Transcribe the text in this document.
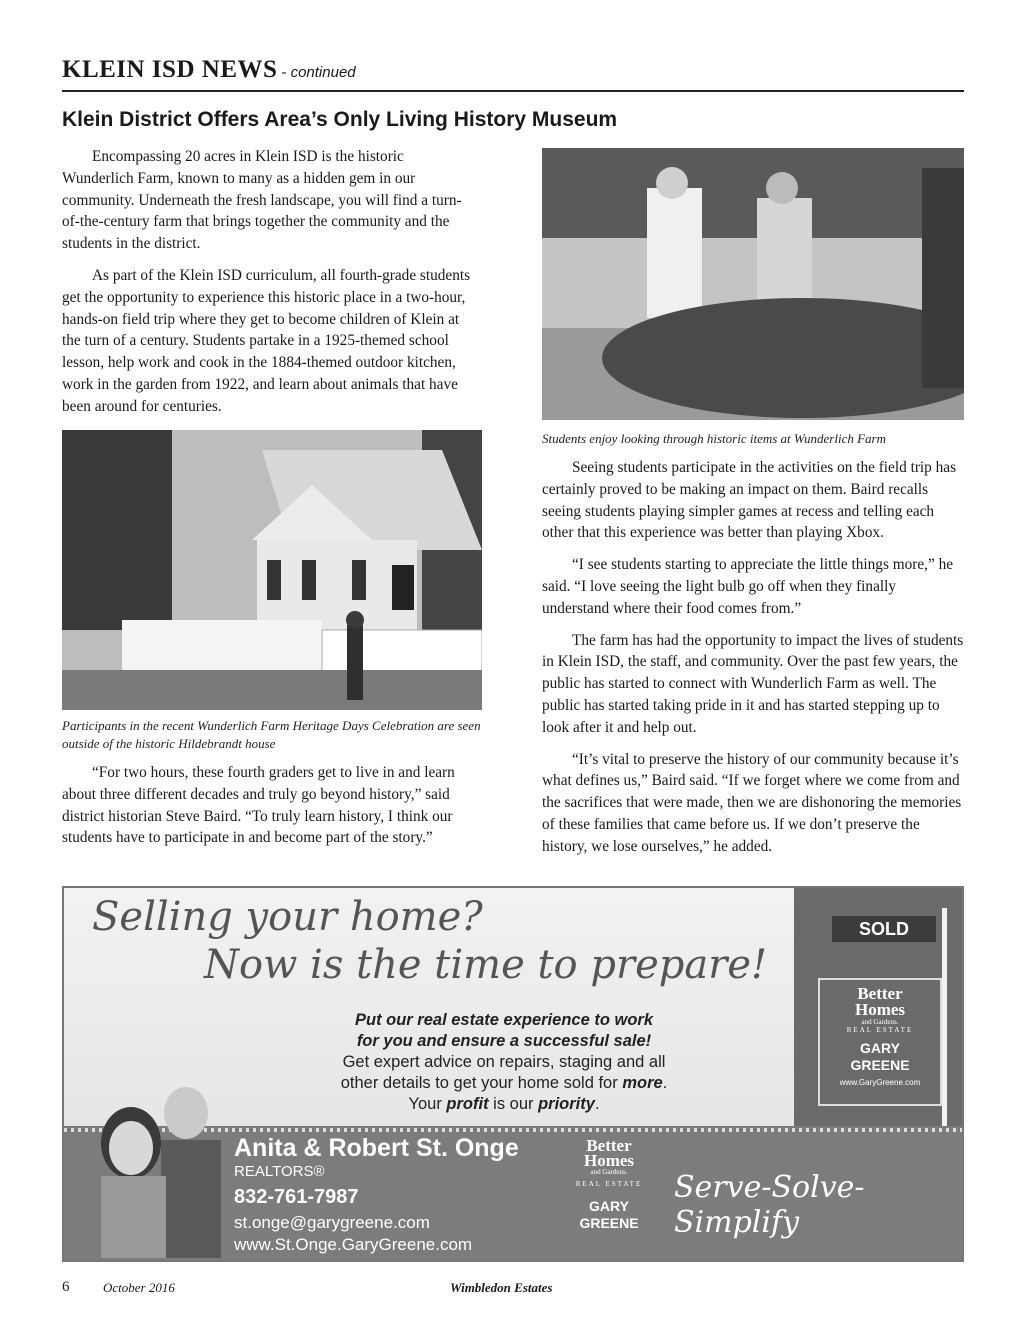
KLEIN ISD NEWS - continued
Klein District Offers Area’s Only Living History Museum

Encompassing 20 acres in Klein ISD is the historic Wunderlich Farm, known to many as a hidden gem in our community. Underneath the fresh landscape, you will find a turn-of-the-century farm that brings together the community and the students in the district.

As part of the Klein ISD curriculum, all fourth-grade students get the opportunity to experience this historic place in a two-hour, hands-on field trip where they get to become children of Klein at the turn of a century. Students partake in a 1925-themed school lesson, help work and cook in the 1884-themed outdoor kitchen, work in the garden from 1922, and learn about animals that have been around for centuries.

Participants in the recent Wunderlich Farm Heritage Days Celebration are seen outside of the historic Hildebrandt house

“For two hours, these fourth graders get to live in and learn about three different decades and truly go beyond history,” said district historian Steve Baird. “To truly learn history, I think our students have to participate in and become part of the story.”

Students enjoy looking through historic items at Wunderlich Farm

Seeing students participate in the activities on the field trip has certainly proved to be making an impact on them. Baird recalls seeing students playing simpler games at recess and telling each other that this experience was better than playing Xbox.

“I see students starting to appreciate the little things more,” he said. “I love seeing the light bulb go off when they finally understand where their food comes from.”

The farm has had the opportunity to impact the lives of students in Klein ISD, the staff, and community. Over the past few years, the public has started to connect with Wunderlich Farm as well. The public has started taking pride in it and has started stepping up to look after it and help out.

“It’s vital to preserve the history of our community because it’s what defines us,” Baird said. “If we forget where we come from and the sacrifices that were made, then we are dishonoring the memories of these families that came before us. If we don’t preserve the history, we lose ourselves,” he added.

Selling your home?
Now is the time to prepare!
Put our real estate experience to work
for you and ensure a successful sale!
Get expert advice on repairs, staging and all
other details to get your home sold for more.
Your profit is our priority.
SOLD
Better
Homes
and Gardens.
REAL ESTATE
GARY
GREENE
www.GaryGreene.com
Anita & Robert St. Onge
REALTORS®
832-761-7987
st.onge@garygreene.com
www.St.Onge.GaryGreene.com
Better
Homes
and Gardens.
REAL ESTATE
GARY
GREENE
Serve-Solve-Simplify
6	October 2016	Wimbledon Estates
